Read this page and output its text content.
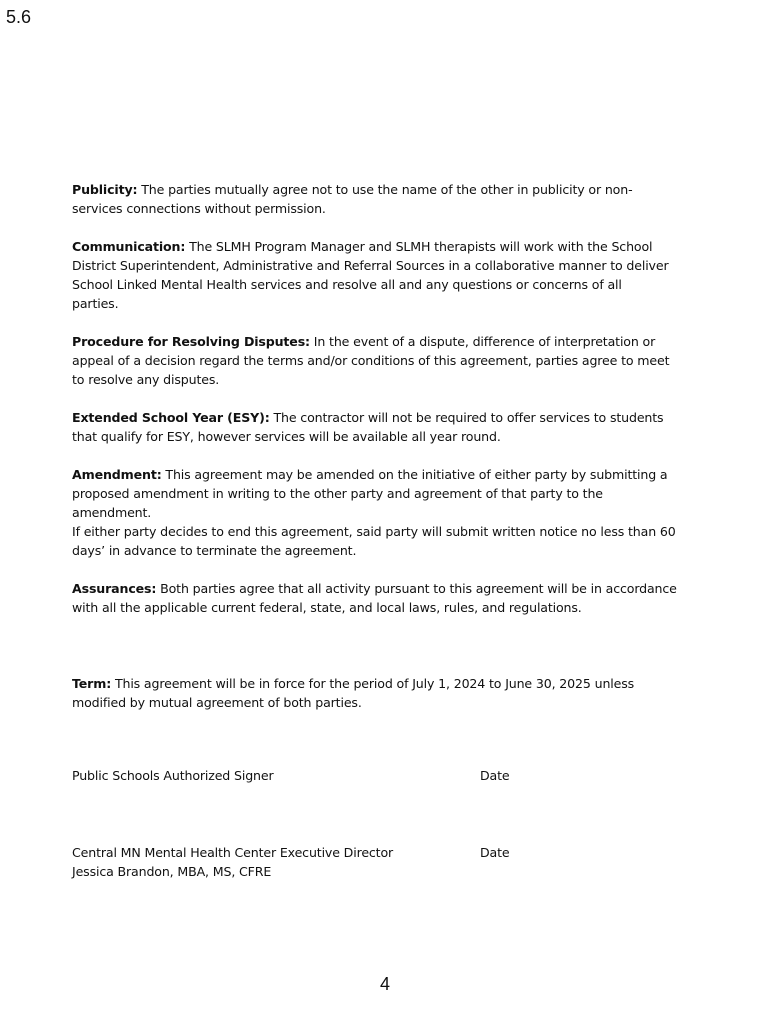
5.6

Publicity: The parties mutually agree not to use the name of the other in publicity or non-
services connections without permission.

Communication: The SLMH Program Manager and SLMH therapists will work with the School
District Superintendent, Administrative and Referral Sources in a collaborative manner to deliver
School Linked Mental Health services and resolve all and any questions or concerns of all
parties.

Procedure for Resolving Disputes: In the event of a dispute, difference of interpretation or
appeal of a decision regard the terms and/or conditions of this agreement, parties agree to meet
to resolve any disputes.

Extended School Year (ESY): The contractor will not be required to offer services to students
that qualify for ESY, however services will be available all year round.

Amendment: This agreement may be amended on the initiative of either party by submitting a
proposed amendment in writing to the other party and agreement of that party to the
amendment.
If either party decides to end this agreement, said party will submit written notice no less than 60
days’ in advance to terminate the agreement.

Assurances: Both parties agree that all activity pursuant to this agreement will be in accordance
with all the applicable current federal, state, and local laws, rules, and regulations.

Term: This agreement will be in force for the period of July 1, 2024 to June 30, 2025 unless
modified by mutual agreement of both parties.

Public Schools Authorized Signer	Date
Central MN Mental Health Center Executive Director
Jessica Brandon, MBA, MS, CFRE
Date
4
